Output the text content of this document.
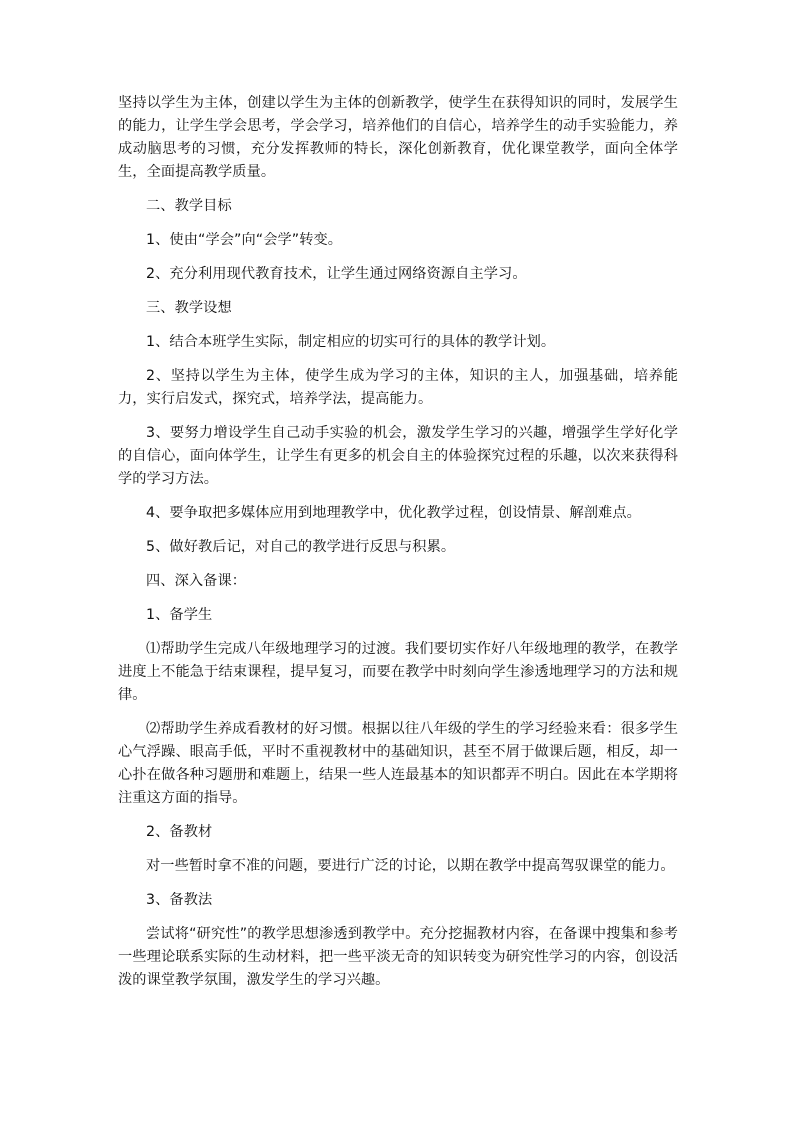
坚持以学生为主体，创建以学生为主体的创新教学，使学生在获得知识的同时，发展学生的能力，让学生学会思考，学会学习，培养他们的自信心，培养学生的动手实验能力，养成动脑思考的习惯，充分发挥教师的特长，深化创新教育，优化课堂教学，面向全体学生，全面提高教学质量。

二、教学目标

1、使由“学会”向“会学”转变。

2、充分利用现代教育技术，让学生通过网络资源自主学习。

三、教学设想

1、结合本班学生实际，制定相应的切实可行的具体的教学计划。

2、坚持以学生为主体，使学生成为学习的主体，知识的主人，加强基础，培养能力，实行启发式，探究式，培养学法，提高能力。

3、要努力增设学生自己动手实验的机会，激发学生学习的兴趣，增强学生学好化学的自信心，面向体学生，让学生有更多的机会自主的体验探究过程的乐趣，以次来获得科学的学习方法。

4、要争取把多媒体应用到地理教学中，优化教学过程，创设情景、解剖难点。

5、做好教后记，对自己的教学进行反思与积累。

四、深入备课：

1、备学生

⑴帮助学生完成八年级地理学习的过渡。我们要切实作好八年级地理的教学，在教学进度上不能急于结束课程，提早复习，而要在教学中时刻向学生渗透地理学习的方法和规律。

⑵帮助学生养成看教材的好习惯。根据以往八年级的学生的学习经验来看：很多学生心气浮躁、眼高手低，平时不重视教材中的基础知识，甚至不屑于做课后题，相反，却一心扑在做各种习题册和难题上，结果一些人连最基本的知识都弄不明白。因此在本学期将注重这方面的指导。

2、备教材

对一些暂时拿不准的问题，要进行广泛的讨论，以期在教学中提高驾驭课堂的能力。

3、备教法

尝试将“研究性”的教学思想渗透到教学中。充分挖掘教材内容，在备课中搜集和参考一些理论联系实际的生动材料，把一些平淡无奇的知识转变为研究性学习的内容，创设活泼的课堂教学氛围，激发学生的学习兴趣。
